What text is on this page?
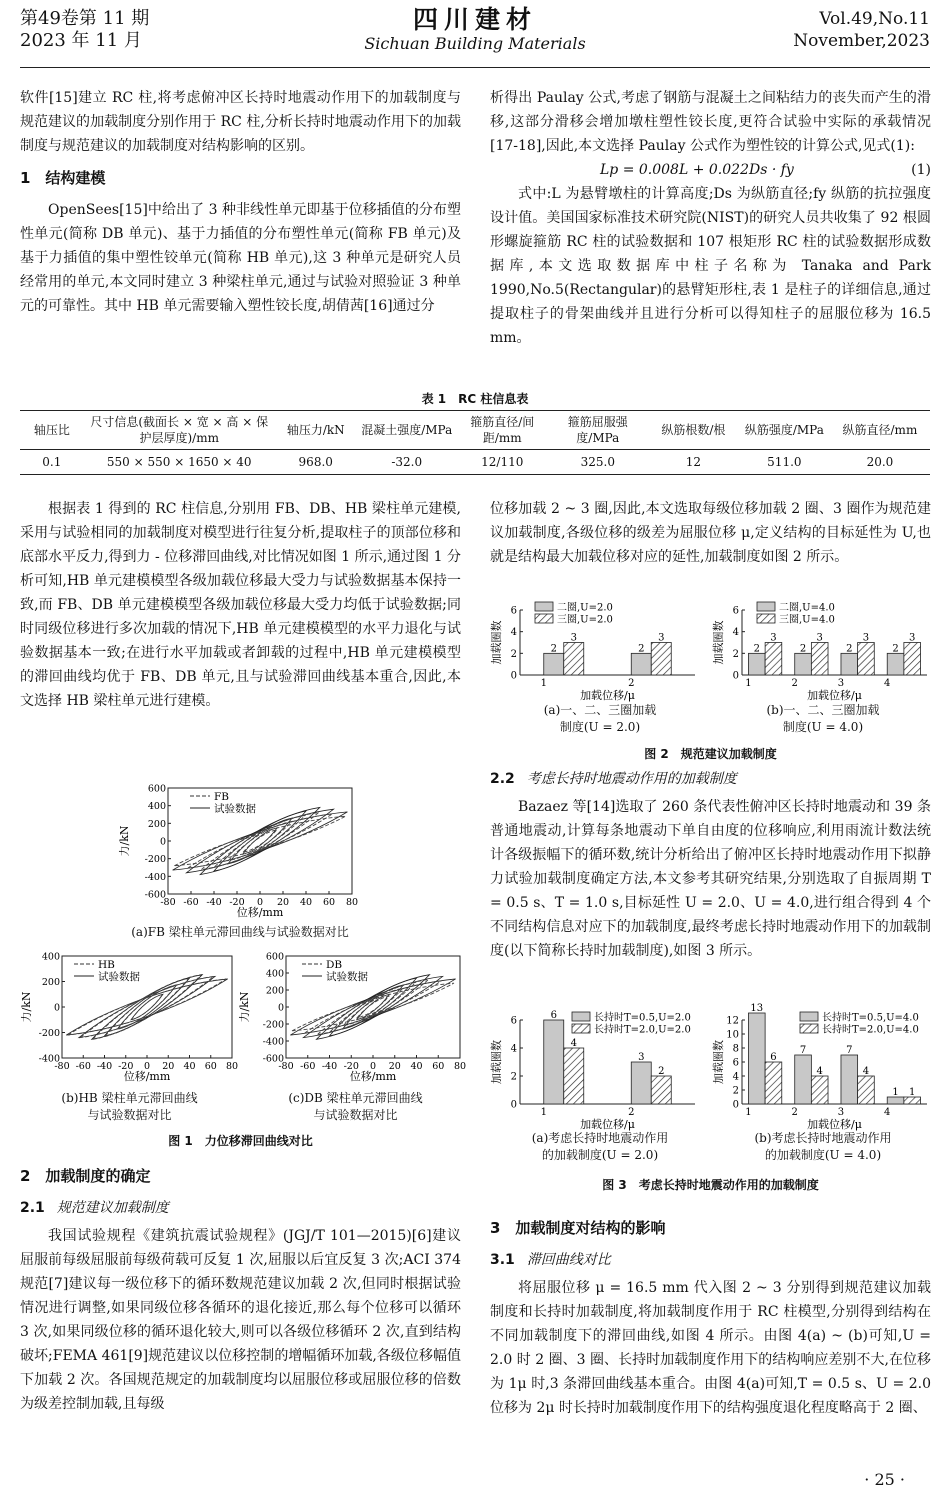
第49卷第 11 期
2023 年 11 月
四川建材
Sichuan Building Materials
Vol.49,No.11
November,2023

软件[15]建立 RC 柱,将考虑俯冲区长持时地震动作用下的加载制度与规范建议的加载制度分别作用于 RC 柱,分析长持时地震动作用下的加载制度与规范建议的加载制度对结构影响的区别。

1　结构建模

OpenSees[15]中给出了 3 种非线性单元即基于位移插值的分布塑性单元(简称 DB 单元)、基于力插值的分布塑性单元(简称 FB 单元)及基于力插值的集中塑性铰单元(简称 HB 单元),这 3 种单元是研究人员经常用的单元,本文同时建立 3 种梁柱单元,通过与试验对照验证 3 种单元的可靠性。其中 HB 单元需要输入塑性铰长度,胡倩茜[16]通过分

析得出 Paulay 公式,考虑了钢筋与混凝土之间粘结力的丧失而产生的滑移,这部分滑移会增加墩柱塑性铰长度,更符合试验中实际的承载情况[17-18],因此,本文选择 Paulay 公式作为塑性铰的计算公式,见式(1):

Lp = 0.008L + 0.022Ds · fy	(1)

式中:L 为悬臂墩柱的计算高度;Ds 为纵筋直径;fy 纵筋的抗拉强度设计值。美国国家标准技术研究院(NIST)的研究人员共收集了 92 根圆形螺旋箍筋 RC 柱的试验数据和 107 根矩形 RC 柱的试验数据形成数据库,本文选取数据库中柱子名称为 Tanaka and Park 1990,No.5(Rectangular)的悬臂矩形柱,表 1 是柱子的详细信息,通过提取柱子的骨架曲线并且进行分析可以得知柱子的屈服位移为 16.5 mm。

表 1　RC 柱信息表
轴压比	尺寸信息(截面长 × 宽 × 高 × 保护层厚度)/mm	轴压力/kN	混凝土强度/MPa	箍筋直径/间距/mm	箍筋屈服强度/MPa	纵筋根数/根	纵筋强度/MPa	纵筋直径/mm
0.1	550 × 550 × 1650 × 40	968.0	-32.0	12/110	325.0	12	511.0	20.0

根据表 1 得到的 RC 柱信息,分别用 FB、DB、HB 梁柱单元建模,采用与试验相同的加载制度对模型进行往复分析,提取柱子的顶部位移和底部水平反力,得到力 - 位移滞回曲线,对比情况如图 1 所示,通过图 1 分析可知,HB 单元建模模型各级加载位移最大受力与试验数据基本保持一致,而 FB、DB 单元建模模型各级加载位移最大受力均低于试验数据;同时同级位移进行多次加载的情况下,HB 单元建模模型的水平力退化与试验数据基本一致;在进行水平加载或者卸载的过程中,HB 单元建模模型的滞回曲线均优于 FB、DB 单元,且与试验滞回曲线基本重合,因此,本文选择 HB 梁柱单元进行建模。

600
400
200
0
-200
-400
-600
-80 -60 -40 -20 0 20 40 60 80
位移/mm
力/kN
FB
试验数据
(a)FB 梁柱单元滞回曲线与试验数据对比
400
200
0
-200
-400
-80 -60 -40 -20 0 20 40 60 80
位移/mm
力/kN
HB
试验数据
600
400
200
0
-200
-400
-600
-80 -60 -40 -20 0 20 40 60 80
位移/mm
力/kN
DB
试验数据
(b)HB 梁柱单元滞回曲线
与试验数据对比
(c)DB 梁柱单元滞回曲线
与试验数据对比
图 1　力位移滞回曲线对比
2　加载制度的确定
2.1 规范建议加载制度

我国试验规程《建筑抗震试验规程》(JGJ/T 101—2015)[6]建议屈服前每级屈服前每级荷载可反复 1 次,屈服以后宜反复 3 次;ACI 374 规范[7]建议每一级位移下的循环数规范建议加载 2 次,但同时根据试验情况进行调整,如果同级位移各循环的退化接近,那么每个位移可以循环 3 次,如果同级位移的循环退化较大,则可以各级位移循环 2 次,直到结构破坏;FEMA 461[9]规范建议以位移控制的增幅循环加载,各级位移幅值下加载 2 次。各国规范规定的加载制度均以屈服位移或屈服位移的倍数为级差控制加载,且每级

位移加载 2 ~ 3 圈,因此,本文选取每级位移加载 2 圈、3 圈作为规范建议加载制度,各级位移的级差为屈服位移 μ,定义结构的目标延性为 U,也就是结构最大加载位移对应的延性,加载制度如图 2 所示。

0
2
4
6
2
3
1
2
3
2
加载位移/μ
加载圈数
二圈,U=2.0
三圈,U=2.0
0
2
4
6
2
3
1
2
3
2
2
3
3
2
3
4
加载位移/μ
加载圈数
二圈,U=4.0
三圈,U=4.0
(a)一、二、三圈加载
制度(U = 2.0)
(b)一、二、三圈加载
制度(U = 4.0)
图 2　规范建议加载制度
2.2 考虑长持时地震动作用的加载制度

Bazaez 等[14]选取了 260 条代表性俯冲区长持时地震动和 39 条普通地震动,计算每条地震动下单自由度的位移响应,利用雨流计数法统计各级振幅下的循环数,统计分析给出了俯冲区长持时地震动作用下拟静力试验加载制度确定方法,本文参考其研究结果,分别选取了自振周期 T = 0.5 s、T = 1.0 s,目标延性 U = 2.0、U = 4.0,进行组合得到 4 个不同结构信息对应下的加载制度,最终考虑长持时地震动作用下的加载制度(以下简称长持时加载制度),如图 3 所示。

0
2
4
6	6
4
1
3
2
2
加载位移/μ
加载圈数
长持时T=0.5,U=2.0
长持时T=2.0,U=2.0
0
2
4
6
8
10
12
13
6
1
7
4
2
7
4
3
1 1
4
加载位移/μ
加载圈数
长持时T=0.5,U=4.0
长持时T=2.0,U=4.0
(a)考虑长持时地震动作用
的加载制度(U = 2.0)
(b)考虑长持时地震动作用
的加载制度(U = 4.0)
图 3　考虑长持时地震动作用的加载制度
3　加载制度对结构的影响
3.1 滞回曲线对比

将屈服位移 μ = 16.5 mm 代入图 2 ~ 3 分别得到规范建议加载制度和长持时加载制度,将加载制度作用于 RC 柱模型,分别得到结构在不同加载制度下的滞回曲线,如图 4 所示。由图 4(a) ~ (b)可知,U = 2.0 时 2 圈、3 圈、长持时加载制度作用下的结构响应差别不大,在位移为 1μ 时,3 条滞回曲线基本重合。由图 4(a)可知,T = 0.5 s、U = 2.0 位移为 2μ 时长持时加载制度作用下的结构强度退化程度略高于 2 圈、

· 25 ·
